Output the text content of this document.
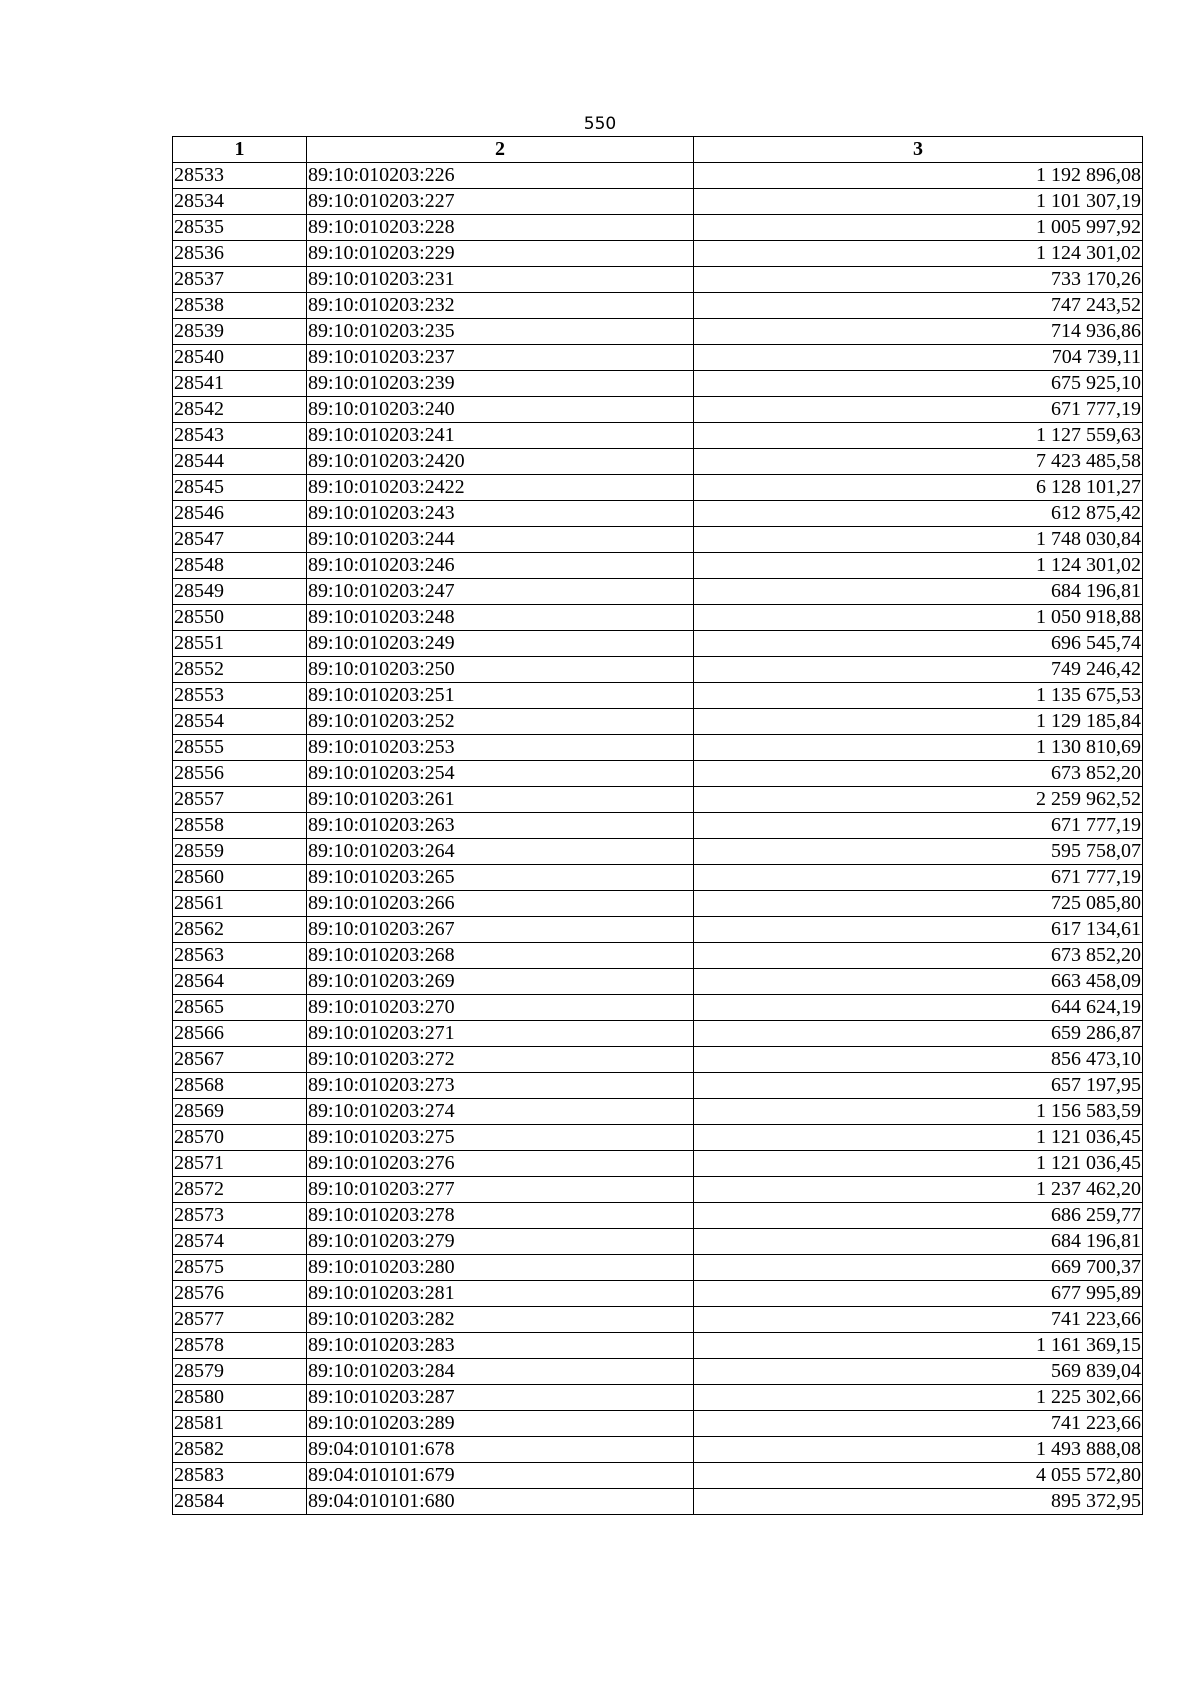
550
1	2	3
28533	89:10:010203:226	1 192 896,08
28534	89:10:010203:227	1 101 307,19
28535	89:10:010203:228	1 005 997,92
28536	89:10:010203:229	1 124 301,02
28537	89:10:010203:231	733 170,26
28538	89:10:010203:232	747 243,52
28539	89:10:010203:235	714 936,86
28540	89:10:010203:237	704 739,11
28541	89:10:010203:239	675 925,10
28542	89:10:010203:240	671 777,19
28543	89:10:010203:241	1 127 559,63
28544	89:10:010203:2420	7 423 485,58
28545	89:10:010203:2422	6 128 101,27
28546	89:10:010203:243	612 875,42
28547	89:10:010203:244	1 748 030,84
28548	89:10:010203:246	1 124 301,02
28549	89:10:010203:247	684 196,81
28550	89:10:010203:248	1 050 918,88
28551	89:10:010203:249	696 545,74
28552	89:10:010203:250	749 246,42
28553	89:10:010203:251	1 135 675,53
28554	89:10:010203:252	1 129 185,84
28555	89:10:010203:253	1 130 810,69
28556	89:10:010203:254	673 852,20
28557	89:10:010203:261	2 259 962,52
28558	89:10:010203:263	671 777,19
28559	89:10:010203:264	595 758,07
28560	89:10:010203:265	671 777,19
28561	89:10:010203:266	725 085,80
28562	89:10:010203:267	617 134,61
28563	89:10:010203:268	673 852,20
28564	89:10:010203:269	663 458,09
28565	89:10:010203:270	644 624,19
28566	89:10:010203:271	659 286,87
28567	89:10:010203:272	856 473,10
28568	89:10:010203:273	657 197,95
28569	89:10:010203:274	1 156 583,59
28570	89:10:010203:275	1 121 036,45
28571	89:10:010203:276	1 121 036,45
28572	89:10:010203:277	1 237 462,20
28573	89:10:010203:278	686 259,77
28574	89:10:010203:279	684 196,81
28575	89:10:010203:280	669 700,37
28576	89:10:010203:281	677 995,89
28577	89:10:010203:282	741 223,66
28578	89:10:010203:283	1 161 369,15
28579	89:10:010203:284	569 839,04
28580	89:10:010203:287	1 225 302,66
28581	89:10:010203:289	741 223,66
28582	89:04:010101:678	1 493 888,08
28583	89:04:010101:679	4 055 572,80
28584	89:04:010101:680	895 372,95
